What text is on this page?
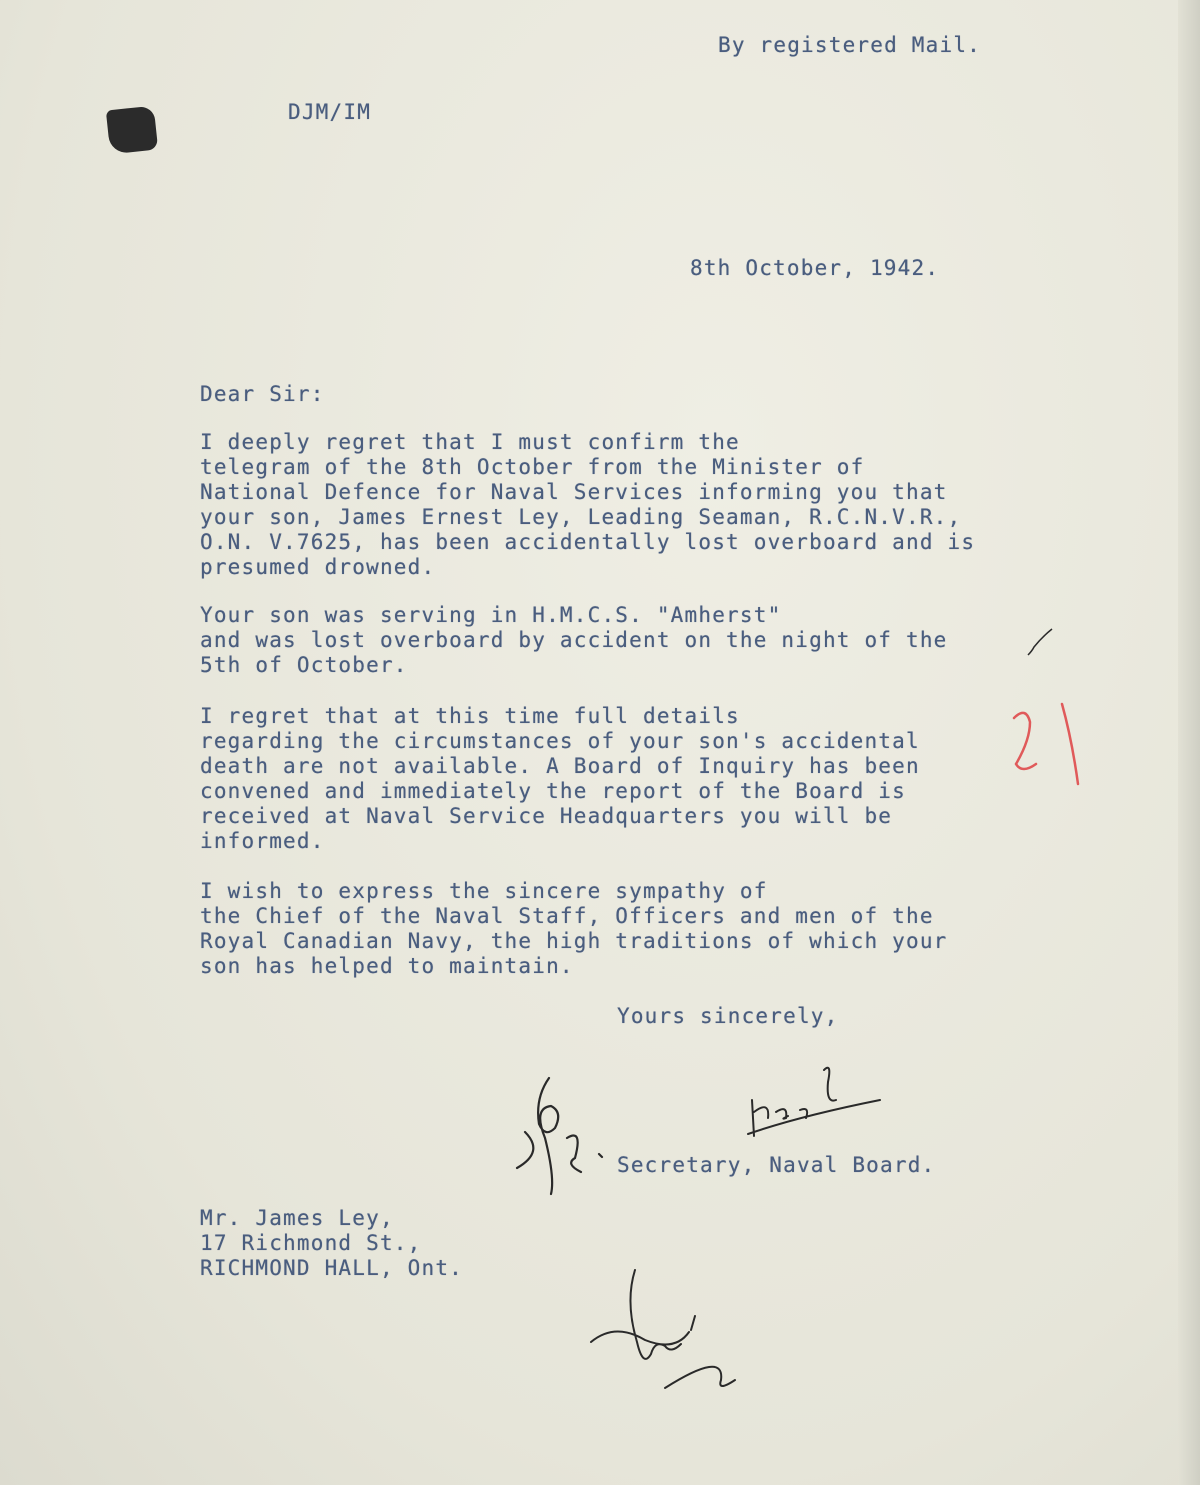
By registered Mail.

DJM/IM

8th October, 1942.

Dear Sir:

I deeply regret that I must confirm the
telegram of the 8th October from the Minister of
National Defence for Naval Services informing you that
your son, James Ernest Ley, Leading Seaman, R.C.N.V.R.,
O.N. V.7625, has been accidentally lost overboard and is
presumed drowned.

Your son was serving in H.M.C.S. "Amherst"
and was lost overboard by accident on the night of the
5th of October.

I regret that at this time full details
regarding the circumstances of your son's accidental
death are not available. A Board of Inquiry has been
convened and immediately the report of the Board is
received at Naval Service Headquarters you will be
informed.

I wish to express the sincere sympathy of
the Chief of the Naval Staff, Officers and men of the
Royal Canadian Navy, the high traditions of which your
son has helped to maintain.

Yours sincerely,

Secretary, Naval Board.

Mr. James Ley,

17 Richmond St.,

RICHMOND HALL, Ont.
